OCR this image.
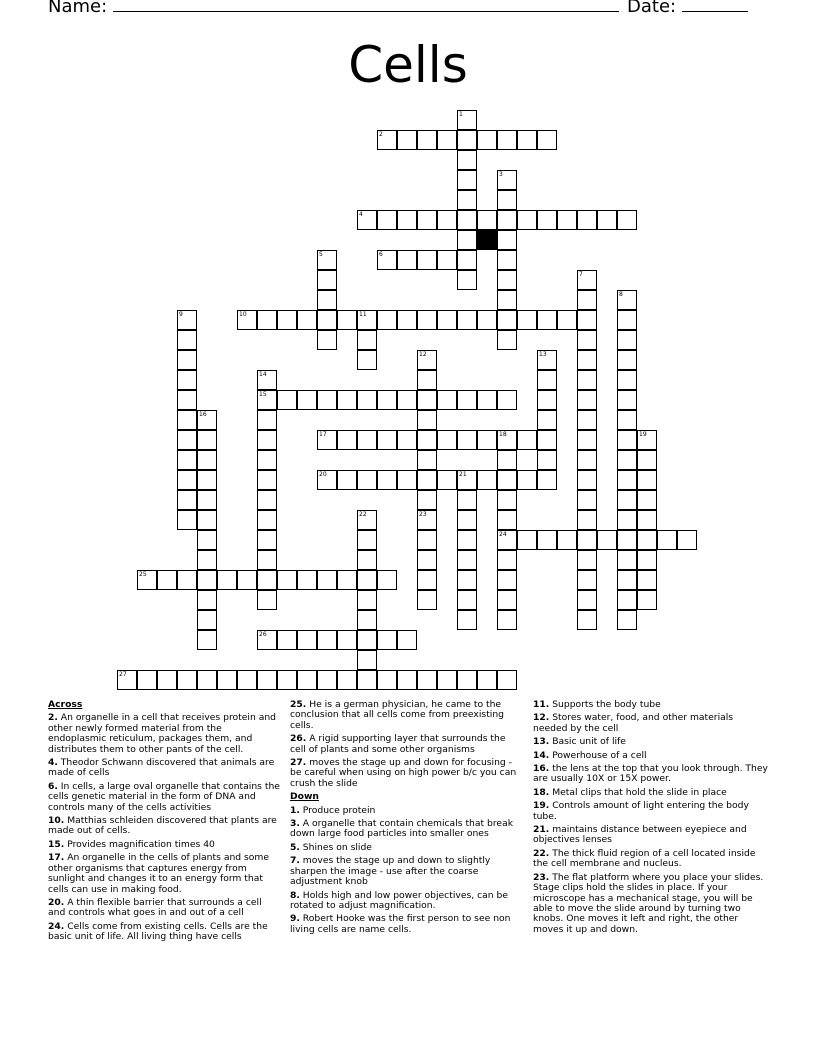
Name:	Date:
Cells
1
2
3
4
5	6
7
8
9	10	11
12	13
14
15
16
17	18	19
20	21
22	23
24
25
26
27

Across

2. An organelle in a cell that receives protein and other newly formed material from the endoplasmic reticulum, packages them, and distributes them to other pants of the cell.

4. Theodor Schwann discovered that animals are made of cells

6. In cells, a large oval organelle that contains the cells genetic material in the form of DNA and controls many of the cells activities

10. Matthias schleiden discovered that plants are made out of cells.

15. Provides magnification times 40

17. An organelle in the cells of plants and some other organisms that captures energy from sunlight and changes it to an energy form that cells can use in making food.

20. A thin flexible barrier that surrounds a cell and controls what goes in and out of a cell

24. Cells come from existing cells. Cells are the basic unit of life. All living thing have cells

25. He is a german physician, he came to the conclusion that all cells come from preexisting cells.

26. A rigid supporting layer that surrounds the cell of plants and some other organisms

27. moves the stage up and down for focusing - be careful when using on high power b/c you can crush the slide

Down

1. Produce protein

3. A organelle that contain chemicals that break down large food particles into smaller ones

5. Shines on slide

7. moves the stage up and down to slightly sharpen the image - use after the coarse adjustment knob

8. Holds high and low power objectives, can be rotated to adjust magnification.

9. Robert Hooke was the first person to see non living cells are name cells.

11. Supports the body tube

12. Stores water, food, and other materials needed by the cell

13. Basic unit of life

14. Powerhouse of a cell

16. the lens at the top that you look through. They are usually 10X or 15X power.

18. Metal clips that hold the slide in place

19. Controls amount of light entering the body tube.

21. maintains distance between eyepiece and objectives lenses

22. The thick fluid region of a cell located inside the cell membrane and nucleus.

23. The flat platform where you place your slides. Stage clips hold the slides in place. If your microscope has a mechanical stage, you will be able to move the slide around by turning two knobs. One moves it left and right, the other moves it up and down.
